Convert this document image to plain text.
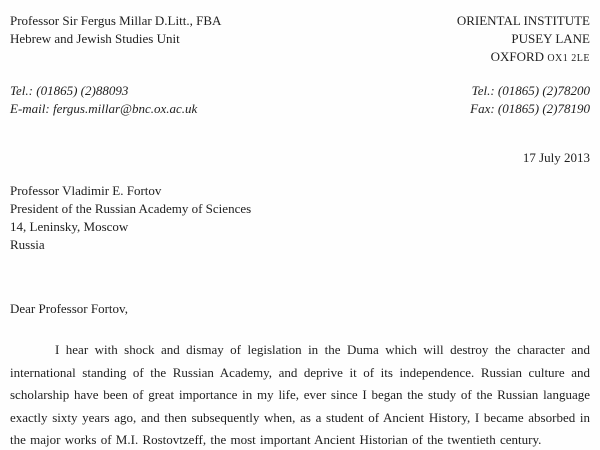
Professor Sir Fergus Millar D.Litt., FBA
Hebrew and Jewish Studies Unit
ORIENTAL INSTITUTE
PUSEY LANE
OXFORD OX1 2LE
Tel.: (01865) (2)88093
E-mail: fergus.millar@bnc.ox.ac.uk
Tel.: (01865) (2)78200
Fax: (01865) (2)78190
17 July 2013
Professor Vladimir E. Fortov
President of the Russian Academy of Sciences
14, Leninsky, Moscow
Russia
Dear Professor Fortov,

I hear with shock and dismay of legislation in the Duma which will destroy the character and international standing of the Russian Academy, and deprive it of its independence. Russian culture and scholarship have been of great importance in my life, ever since I began the study of the Russian language exactly sixty years ago, and then subsequently when, as a student of Ancient History, I became absorbed in the major works of M.I. Rostovtzeff, the most important Ancient Historian of the twentieth century.
